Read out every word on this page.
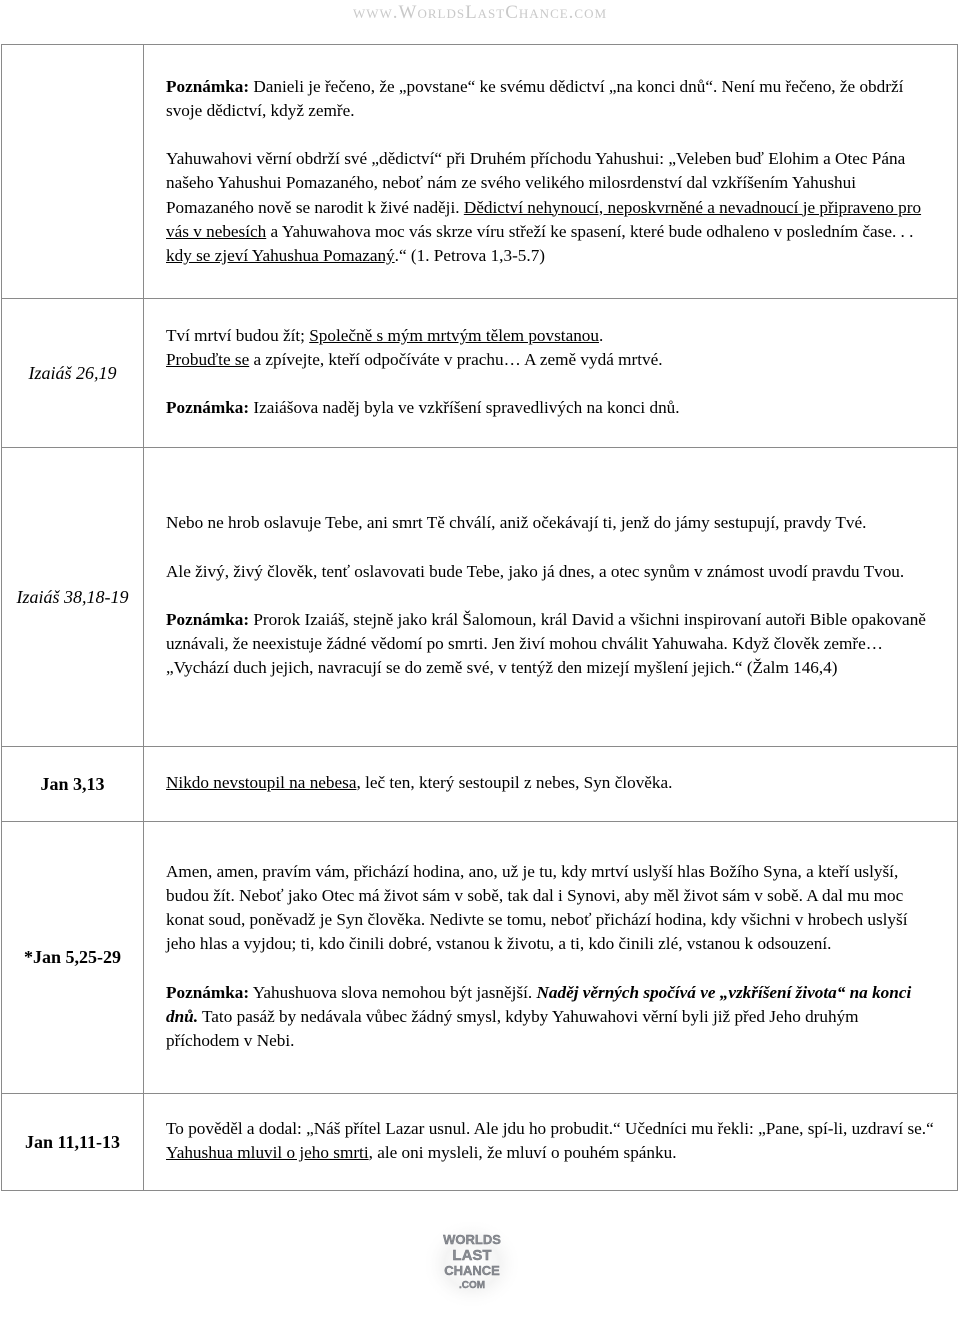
www.WorldsLastChance.com

	Poznámka: Danieli je řečeno, že „povstane“ ke svému dědictví „na konci dnů“. Není mu řečeno, že obdrží svoje dědictví, když zemře.

Yahuwahovi věrní obdrží své „dědictví“ při Druhém příchodu Yahushui: „Veleben buď Elohim a Otec Pána našeho Yahushui Pomazaného, neboť nám ze svého velikého milosrdenství dal vzkříšením Yahushui Pomazaného nově se narodit k živé naději. Dědictví nehynoucí, neposkvrněné a nevadnoucí je připraveno pro vás v nebesích a Yahuwahova moc vás skrze víru střeží ke spasení, které bude odhaleno v posledním čase. . . kdy se zjeví Yahushua Pomazaný.“ (1. Petrova 1,3-5.7)

Izaiáš 26,19	Tví mrtví budou žít; Společně s mým mrtvým tělem povstanou.

Probuďte se a zpívejte, kteří odpočíváte v prachu… A země vydá mrtvé.

Poznámka: Izaiášova naděj byla ve vzkříšení spravedlivých na konci dnů.

Izaiáš 38,18-19	Nebo ne hrob oslavuje Tebe, ani smrt Tě chválí, aniž očekávají ti, jenž do jámy sestupují, pravdy Tvé.

Ale živý, živý člověk, tenť oslavovati bude Tebe, jako já dnes, a otec synům v známost uvodí pravdu Tvou.

Poznámka: Prorok Izaiáš, stejně jako král Šalomoun, král David a všichni inspirovaní autoři Bible opakovaně uznávali, že neexistuje žádné vědomí po smrti. Jen živí mohou chválit Yahuwaha. Když člověk zemře… „Vychází duch jejich, navracují se do země své, v tentýž den mizejí myšlení jejich.“ (Žalm 146,4)

Jan 3,13	Nikdo nevstoupil na nebesa, leč ten, který sestoupil z nebes, Syn člověka.

*Jan 5,25-29	Amen, amen, pravím vám, přichází hodina, ano, už je tu, kdy mrtví uslyší hlas Božího Syna, a kteří uslyší, budou žít. Neboť jako Otec má život sám v sobě, tak dal i Synovi, aby měl život sám v sobě. A dal mu moc konat soud, poněvadž je Syn člověka. Nedivte se tomu, neboť přichází hodina, kdy všichni v hrobech uslyší jeho hlas a vyjdou; ti, kdo činili dobré, vstanou k životu, a ti, kdo činili zlé, vstanou k odsouzení.

Poznámka: Yahushuova slova nemohou být jasnější. Naděj věrných spočívá ve „vzkříšení života“ na konci dnů. Tato pasáž by nedávala vůbec žádný smysl, kdyby Yahuwahovi věrní byli již před Jeho druhým příchodem v Nebi.

Jan 11,11-13	To pověděl a dodal: „Náš přítel Lazar usnul. Ale jdu ho probudit.“ Učedníci mu řekli: „Pane, spí-li, uzdraví se.“ Yahushua mluvil o jeho smrti, ale oni mysleli, že mluví o pouhém spánku.

WORLDS
LAST
CHANCE
.COM
